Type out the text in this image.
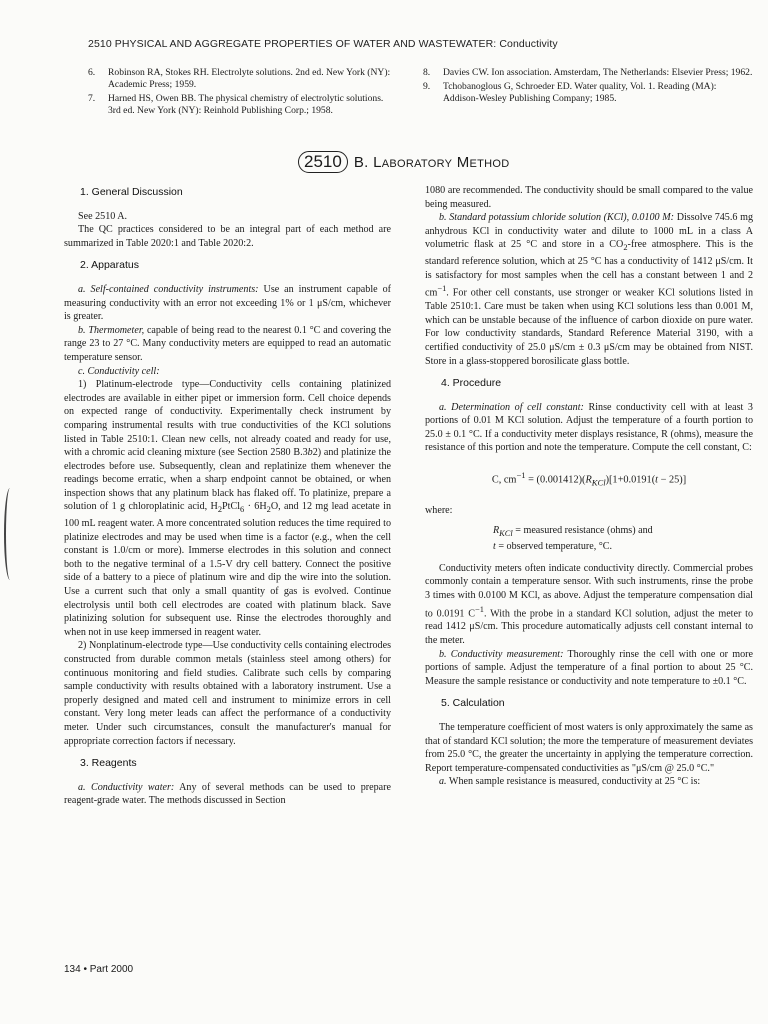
2510 PHYSICAL AND AGGREGATE PROPERTIES OF WATER AND WASTEWATER: Conductivity
6.	Robinson RA, Stokes RH. Electrolyte solutions. 2nd ed. New York (NY): Academic Press; 1959.
7.	Harned HS, Owen BB. The physical chemistry of electrolytic solutions. 3rd ed. New York (NY): Reinhold Publishing Corp.; 1958.
8.	Davies CW. Ion association. Amsterdam, The Netherlands: Elsevier Press; 1962.
9.	Tchobanoglous G, Schroeder ED. Water quality, Vol. 1. Reading (MA): Addison-Wesley Publishing Company; 1985.
2510 B. Laboratory Method
1. General Discussion

See 2510 A.

The QC practices considered to be an integral part of each method are summarized in Table 2020:1 and Table 2020:2.

2. Apparatus

a. Self-contained conductivity instruments: Use an instrument capable of measuring conductivity with an error not exceeding 1% or 1 μS/cm, whichever is greater.

b. Thermometer, capable of being read to the nearest 0.1 °C and covering the range 23 to 27 °C. Many conductivity meters are equipped to read an automatic temperature sensor.

c. Conductivity cell:

1) Platinum-electrode type—Conductivity cells containing platinized electrodes are available in either pipet or immersion form. Cell choice depends on expected range of conductivity. Experimentally check instrument by comparing instrumental results with true conductivities of the KCl solutions listed in Table 2510:1. Clean new cells, not already coated and ready for use, with a chromic acid cleaning mixture (see Section 2580 B.3b2) and platinize the electrodes before use. Subsequently, clean and replatinize them whenever the readings become erratic, when a sharp endpoint cannot be obtained, or when inspection shows that any platinum black has flaked off. To platinize, prepare a solution of 1 g chloroplatinic acid, $H_2PtCl_6 \cdot 6H_2O$, and 12 mg lead acetate in 100 mL reagent water. A more concentrated solution reduces the time required to platinize electrodes and may be used when time is a factor (e.g., when the cell constant is 1.0/cm or more). Immerse electrodes in this solution and connect both to the negative terminal of a 1.5-V dry cell battery. Connect the positive side of a battery to a piece of platinum wire and dip the wire into the solution. Use a current such that only a small quantity of gas is evolved. Continue electrolysis until both cell electrodes are coated with platinum black. Save platinizing solution for subsequent use. Rinse the electrodes thoroughly and when not in use keep immersed in reagent water.

2) Nonplatinum-electrode type—Use conductivity cells containing electrodes constructed from durable common metals (stainless steel among others) for continuous monitoring and field studies. Calibrate such cells by comparing sample conductivity with results obtained with a laboratory instrument. Use a properly designed and mated cell and instrument to minimize errors in cell constant. Very long meter leads can affect the performance of a conductivity meter. Under such circumstances, consult the manufacturer's manual for appropriate correction factors if necessary.

3. Reagents

a. Conductivity water: Any of several methods can be used to prepare reagent-grade water. The methods discussed in Section

1080 are recommended. The conductivity should be small compared to the value being measured.

b. Standard potassium chloride solution (KCl), 0.0100 M: Dissolve 745.6 mg anhydrous KCl in conductivity water and dilute to 1000 mL in a class A volumetric flask at 25 °C and store in a $CO_2$-free atmosphere. This is the standard reference solution, which at 25 °C has a conductivity of 1412 μS/cm. It is satisfactory for most samples when the cell has a constant between 1 and 2 $cm^{-1}$. For other cell constants, use stronger or weaker KCl solutions listed in Table 2510:1. Care must be taken when using KCl solutions less than 0.001 M, which can be unstable because of the influence of carbon dioxide on pure water. For low conductivity standards, Standard Reference Material 3190, with a certified conductivity of 25.0 μS/cm ± 0.3 μS/cm may be obtained from NIST. Store in a glass-stoppered borosilicate glass bottle.

4. Procedure

a. Determination of cell constant: Rinse conductivity cell with at least 3 portions of 0.01 M KCl solution. Adjust the temperature of a fourth portion to 25.0 ± 0.1 °C. If a conductivity meter displays resistance, R (ohms), measure the resistance of this portion and note the temperature. Compute the cell constant, C:

C, $cm^{-1} = (0.001412)(R_{KCl})[1+0.0191(t - 25)]$

where:

$R_{KCl}$ = measured resistance (ohms) and
t = observed temperature, °C.

Conductivity meters often indicate conductivity directly. Commercial probes commonly contain a temperature sensor. With such instruments, rinse the probe 3 times with 0.0100 M KCl, as above. Adjust the temperature compensation dial to 0.0191 $C^{-1}$. With the probe in a standard KCl solution, adjust the meter to read 1412 μS/cm. This procedure automatically adjusts cell constant internal to the meter.

b. Conductivity measurement: Thoroughly rinse the cell with one or more portions of sample. Adjust the temperature of a final portion to about 25 °C. Measure the sample resistance or conductivity and note temperature to ±0.1 °C.

5. Calculation

The temperature coefficient of most waters is only approximately the same as that of standard KCl solution; the more the temperature of measurement deviates from 25.0 °C, the greater the uncertainty in applying the temperature correction. Report temperature-compensated conductivities as "μS/cm @ 25.0 °C."

a. When sample resistance is measured, conductivity at 25 °C is:

134 • Part 2000
